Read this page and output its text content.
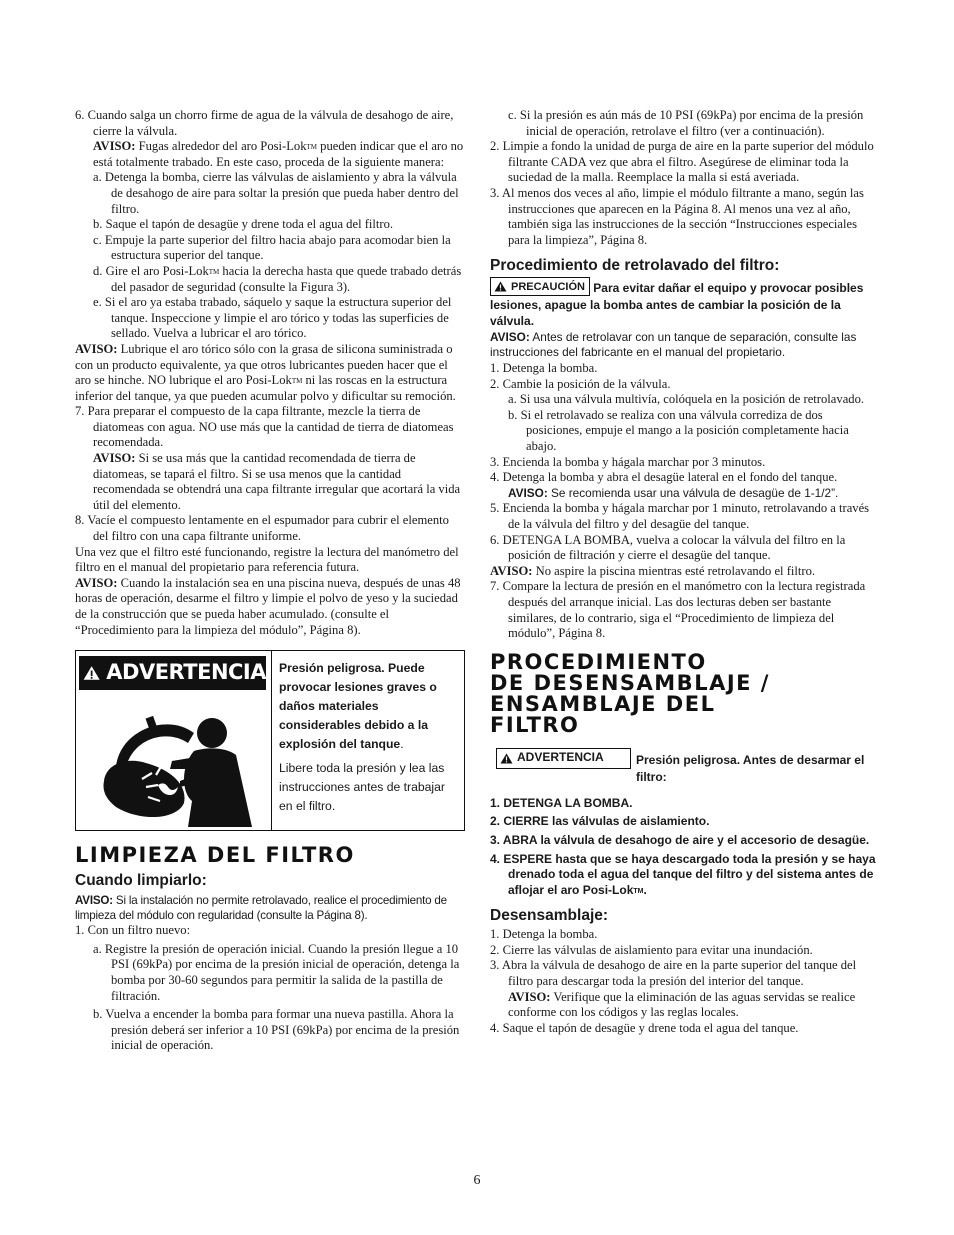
6. Cuando salga un chorro firme de agua de la válvula de desahogo de aire, cierre la válvula.

AVISO: Fugas alrededor del aro Posi-Lok™ pueden indicar que el aro no está totalmente trabado. En este caso, proceda de la siguiente manera:

a. Detenga la bomba, cierre las válvulas de aislamiento y abra la válvula de desahogo de aire para soltar la presión que pueda haber dentro del filtro.

b. Saque el tapón de desagüe y drene toda el agua del filtro.

c. Empuje la parte superior del filtro hacia abajo para acomodar bien la estructura superior del tanque.

d. Gire el aro Posi-Lok™ hacia la derecha hasta que quede trabado detrás del pasador de seguridad (consulte la Figura 3).

e. Si el aro ya estaba trabado, sáquelo y saque la estructura superior del tanque. Inspeccione y limpie el aro tórico y todas las superficies de sellado. Vuelva a lubricar el aro tórico.

AVISO: Lubrique el aro tórico sólo con la grasa de silicona suministrada o con un producto equivalente, ya que otros lubricantes pueden hacer que el aro se hinche. NO lubrique el aro Posi-Lok™ ni las roscas en la estructura inferior del tanque, ya que pueden acumular polvo y dificultar su remoción.

7. Para preparar el compuesto de la capa filtrante, mezcle la tierra de diatomeas con agua. NO use más que la cantidad de tierra de diatomeas recomendada.

AVISO: Si se usa más que la cantidad recomendada de tierra de diatomeas, se tapará el filtro. Si se usa menos que la cantidad recomendada se obtendrá una capa filtrante irregular que acortará la vida útil del elemento.

8. Vacíe el compuesto lentamente en el espumador para cubrir el elemento del filtro con una capa filtrante uniforme.

Una vez que el filtro esté funcionando, registre la lectura del manómetro del filtro en el manual del propietario para referencia futura.

AVISO: Cuando la instalación sea en una piscina nueva, después de unas 48 horas de operación, desarme el filtro y limpie el polvo de yeso y la suciedad de la construcción que se pueda haber acumulado. (consulte el “Procedimiento para la limpieza del módulo”, Página 8).

ADVERTENCIA Presión peligrosa. Puede provocar lesiones graves o daños materiales considerables debido a la explosión del tanque.

Libere toda la presión y lea las instrucciones antes de trabajar en el filtro.

LIMPIEZA DEL FILTRO

Cuando limpiarlo:

AVISO: Si la instalación no permite retrolavado, realice el procedimiento de limpieza del módulo con regularidad (consulte la Página 8).

1. Con un filtro nuevo:

a. Registre la presión de operación inicial. Cuando la presión llegue a 10 PSI (69kPa) por encima de la presión inicial de operación, detenga la bomba por 30-60 segundos para permitir la salida de la pastilla de filtración.

b. Vuelva a encender la bomba para formar una nueva pastilla. Ahora la presión deberá ser inferior a 10 PSI (69kPa) por encima de la presión inicial de operación.

c. Si la presión es aún más de 10 PSI (69kPa) por encima de la presión inicial de operación, retrolave el filtro (ver a continuación).

2. Limpie a fondo la unidad de purga de aire en la parte superior del módulo filtrante CADA vez que abra el filtro. Asegúrese de eliminar toda la suciedad de la malla. Reemplace la malla si está averiada.

3. Al menos dos veces al año, limpie el módulo filtrante a mano, según las instrucciones que aparecen en la Página 8. Al menos una vez al año, también siga las instrucciones de la sección “Instrucciones especiales para la limpieza”, Página 8.

Procedimiento de retrolavado del filtro:

PRECAUCIÓN Para evitar dañar el equipo y provocar posibles lesiones, apague la bomba antes de cambiar la posición de la válvula.

AVISO: Antes de retrolavar con un tanque de separación, consulte las instrucciones del fabricante en el manual del propietario.

1. Detenga la bomba.

2. Cambie la posición de la válvula.

a. Si usa una válvula multivía, colóquela en la posición de retrolavado.

b. Si el retrolavado se realiza con una válvula corrediza de dos posiciones, empuje el mango a la posición completamente hacia abajo.

3. Encienda la bomba y hágala marchar por 3 minutos.

4. Detenga la bomba y abra el desagüe lateral en el fondo del tanque.

AVISO: Se recomienda usar una válvula de desagüe de 1-1/2”.

5. Encienda la bomba y hágala marchar por 1 minuto, retrolavando a través de la válvula del filtro y del desagüe del tanque.

6. DETENGA LA BOMBA, vuelva a colocar la válvula del filtro en la posición de filtración y cierre el desagüe del tanque.

AVISO: No aspire la piscina mientras esté retrolavando el filtro.

7. Compare la lectura de presión en el manómetro con la lectura registrada después del arranque inicial. Las dos lecturas deben ser bastante similares, de lo contrario, siga el “Procedimiento de limpieza del módulo”, Página 8.

PROCEDIMIENTO

DE DESENSAMBLAJE /

ENSAMBLAJE DEL

FILTRO

ADVERTENCIA	Presión peligrosa. Antes de desarmar el filtro:

1. DETENGA LA BOMBA.

2. CIERRE las válvulas de aislamiento.

3. ABRA la válvula de desahogo de aire y el accesorio de desagüe.

4. ESPERE hasta que se haya descargado toda la presión y se haya drenado toda el agua del tanque del filtro y del sistema antes de aflojar el aro Posi-Lok™.

Desensamblaje:

1. Detenga la bomba.

2. Cierre las válvulas de aislamiento para evitar una inundación.

3. Abra la válvula de desahogo de aire en la parte superior del tanque del filtro para descargar toda la presión del interior del tanque.

AVISO: Verifique que la eliminación de las aguas servidas se realice conforme con los códigos y las reglas locales.

4. Saque el tapón de desagüe y drene toda el agua del tanque.

6
